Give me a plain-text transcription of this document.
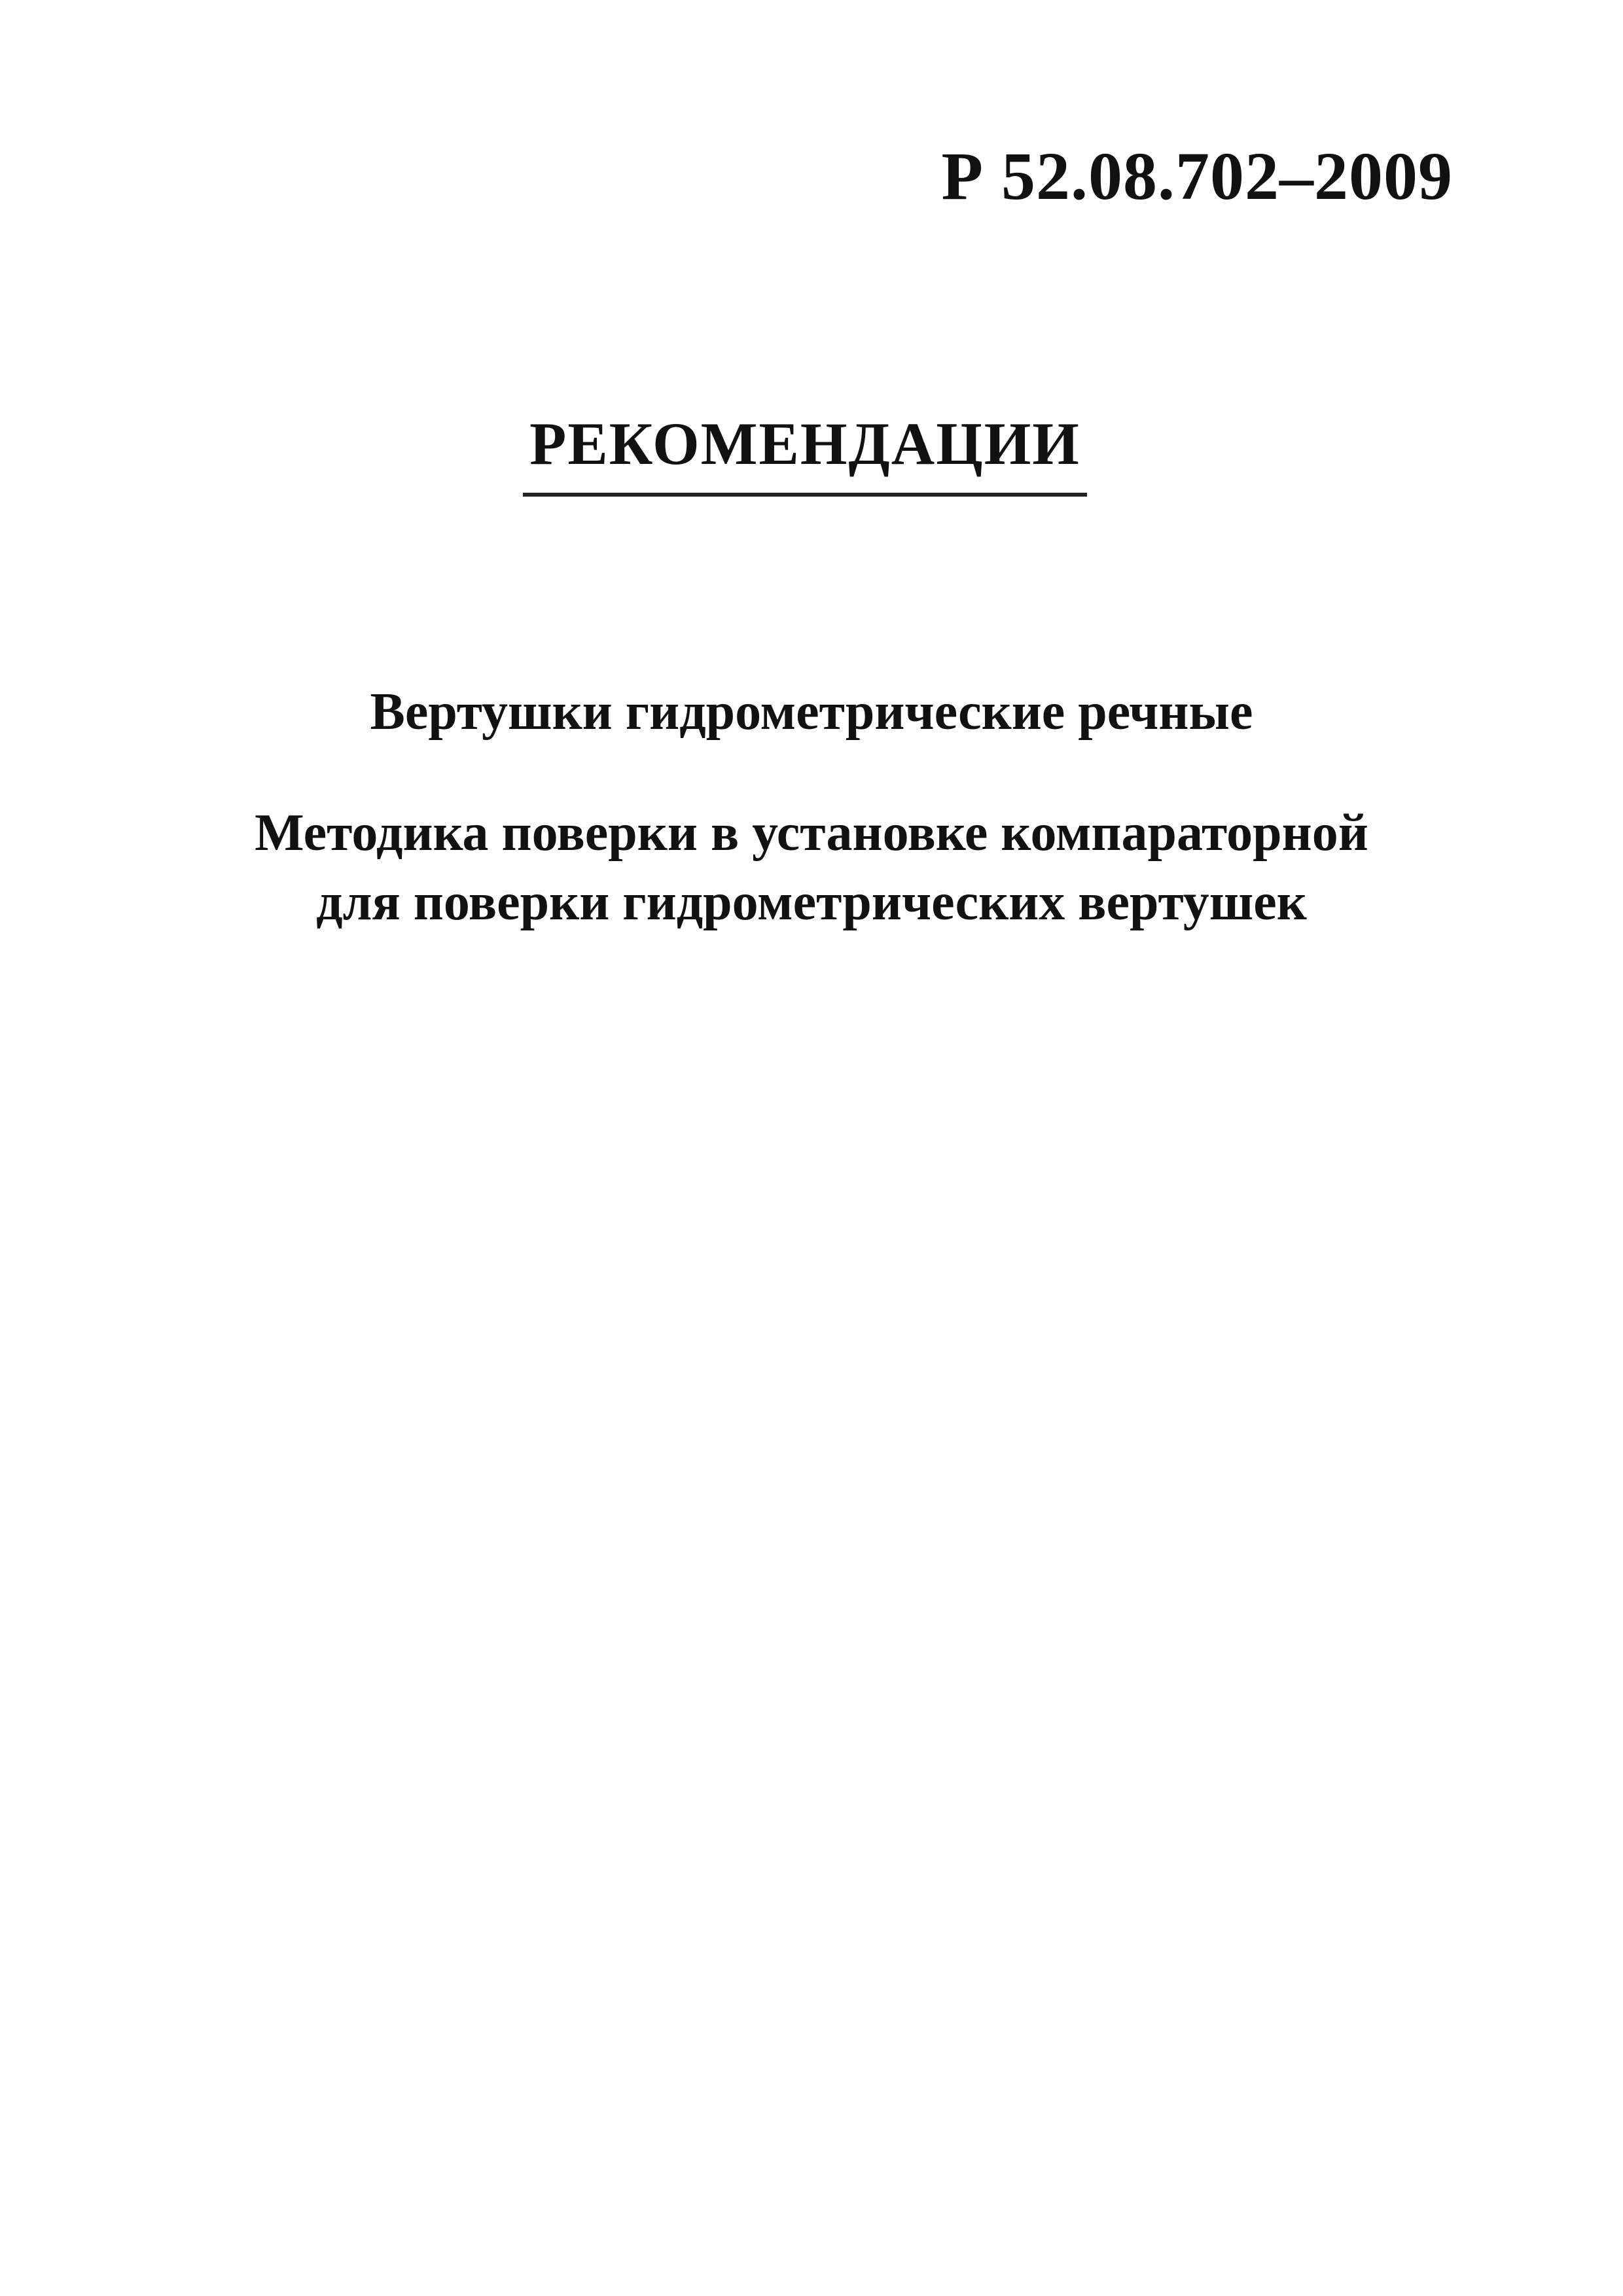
Р 52.08.702–2009
РЕКОМЕНДАЦИИ
Вертушки гидрометрические речные
Методика поверки в установке компараторной
для поверки гидрометрических вертушек
